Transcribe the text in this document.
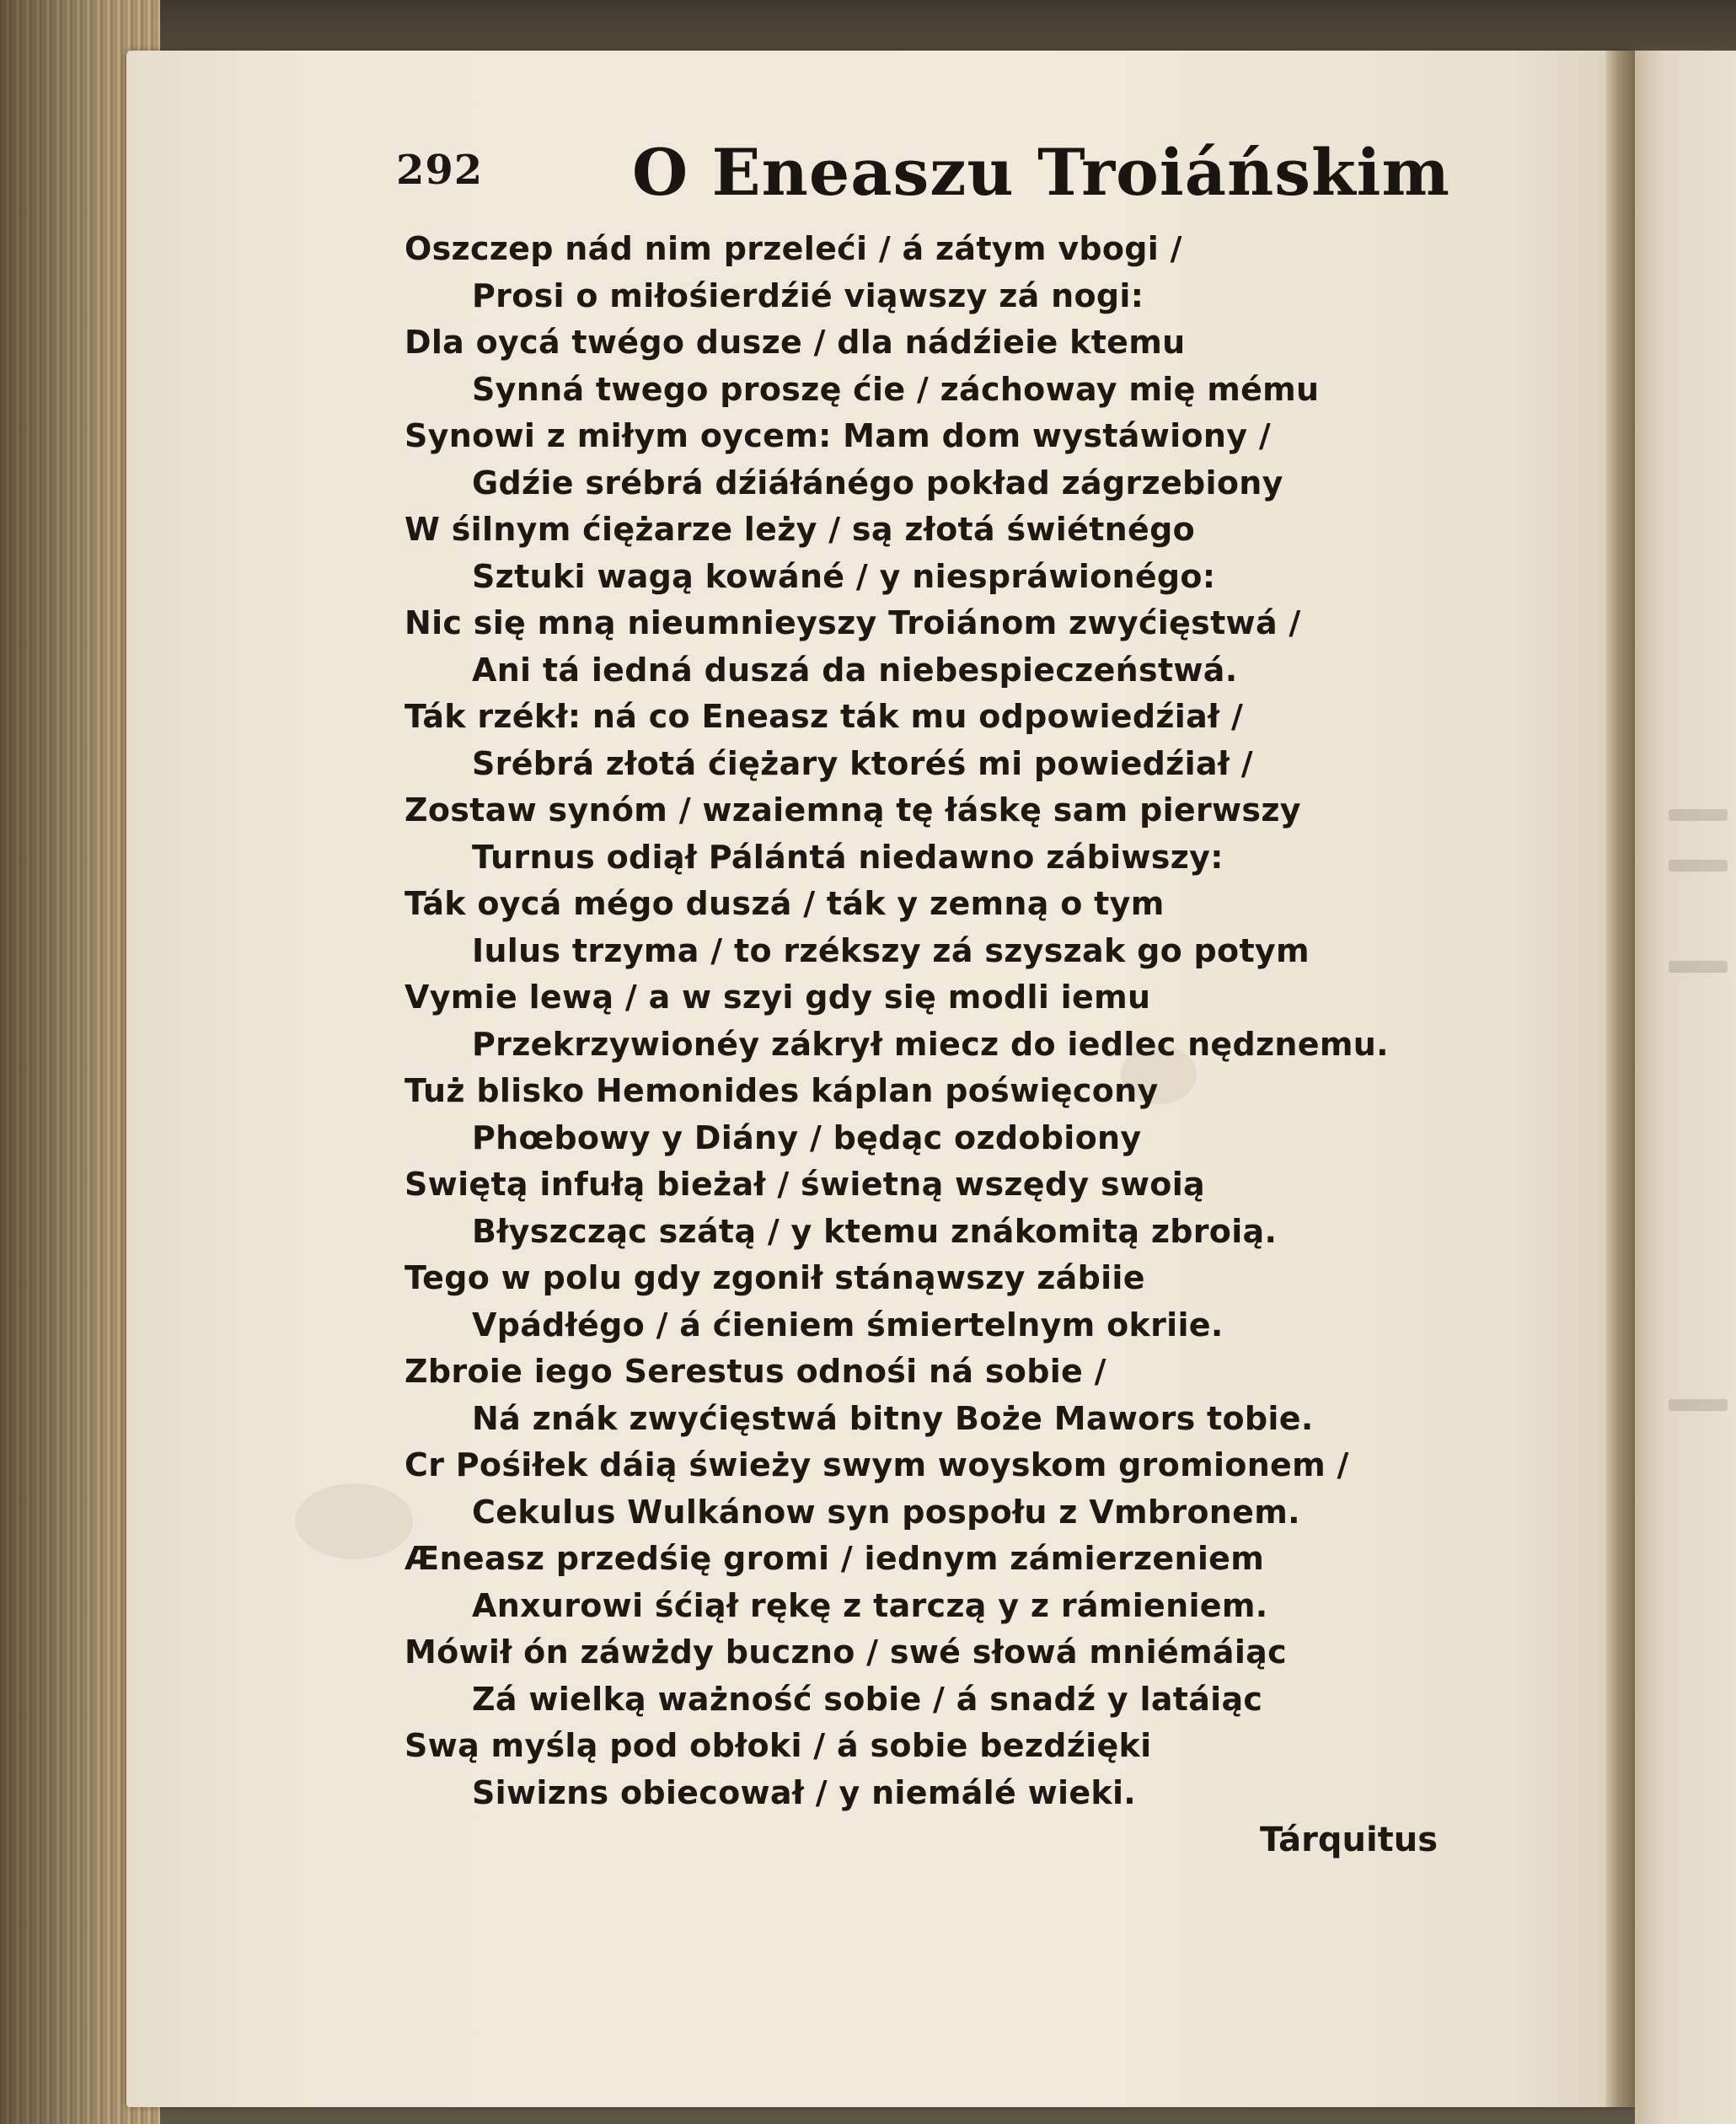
292 O Eneaszu Troiáńskim
Oszczep nád nim przeleći / á zátym vbogi /
Prosi o miłośierdźié viąwszy zá nogi:
Dla oycá twégo dusze / dla nádźieie ktemu
Synná twego proszę ćie / záchoway mię mému
Synowi z miłym oycem: Mam dom wystáwiony /
Gdźie srébrá dźiáłánégo pokład zágrzebiony
W śilnym ćiężarze leży / są złotá świétnégo
Sztuki wagą kowáné / y niespráwionégo:
Nic się mną nieumnieyszy Troiánom zwyćięstwá /
Ani tá iedná duszá da niebespieczeństwá.
Ták rzékł: ná co Eneasz ták mu odpowiedźiał /
Srébrá złotá ćiężary ktoréś mi powiedźiał /
Zostaw synóm / wzaiemną tę łáskę sam pierwszy
Turnus odiął Pálántá niedawno zábiwszy:
Ták oycá mégo duszá / ták y zemną o tym
Iulus trzyma / to rzékszy zá szyszak go potym
Vymie lewą / a w szyi gdy się modli iemu
Przekrzywionéy zákrył miecz do iedlec nędznemu.
Tuż blisko Hemonides káplan poświęcony
Phœbowy y Diány / będąc ozdobiony
Swiętą infułą bieżał / świetną wszędy swoią
Błyszcząc szátą / y ktemu znákomitą zbroią.
Tego w polu gdy zgonił stánąwszy zábiie
Vpádłégo / á ćieniem śmiertelnym okriie.
Zbroie iego Serestus odnośi ná sobie /
Ná znák zwyćięstwá bitny Boże Mawors tobie.
Cr Pośiłek dáią świeży swym woyskom gromionem /
Cekulus Wulkánow syn pospołu z Vmbronem.
Æneasz przedśię gromi / iednym zámierzeniem
Anxurowi śćiął rękę z tarczą y z rámieniem.
Mówił ón záwżdy buczno / swé słowá mniémáiąc
Zá wielką ważność sobie / á snadź y latáiąc
Swą myślą pod obłoki / á sobie bezdźięki
Siwizns obiecował / y niemálé wieki.
Tárquitus
